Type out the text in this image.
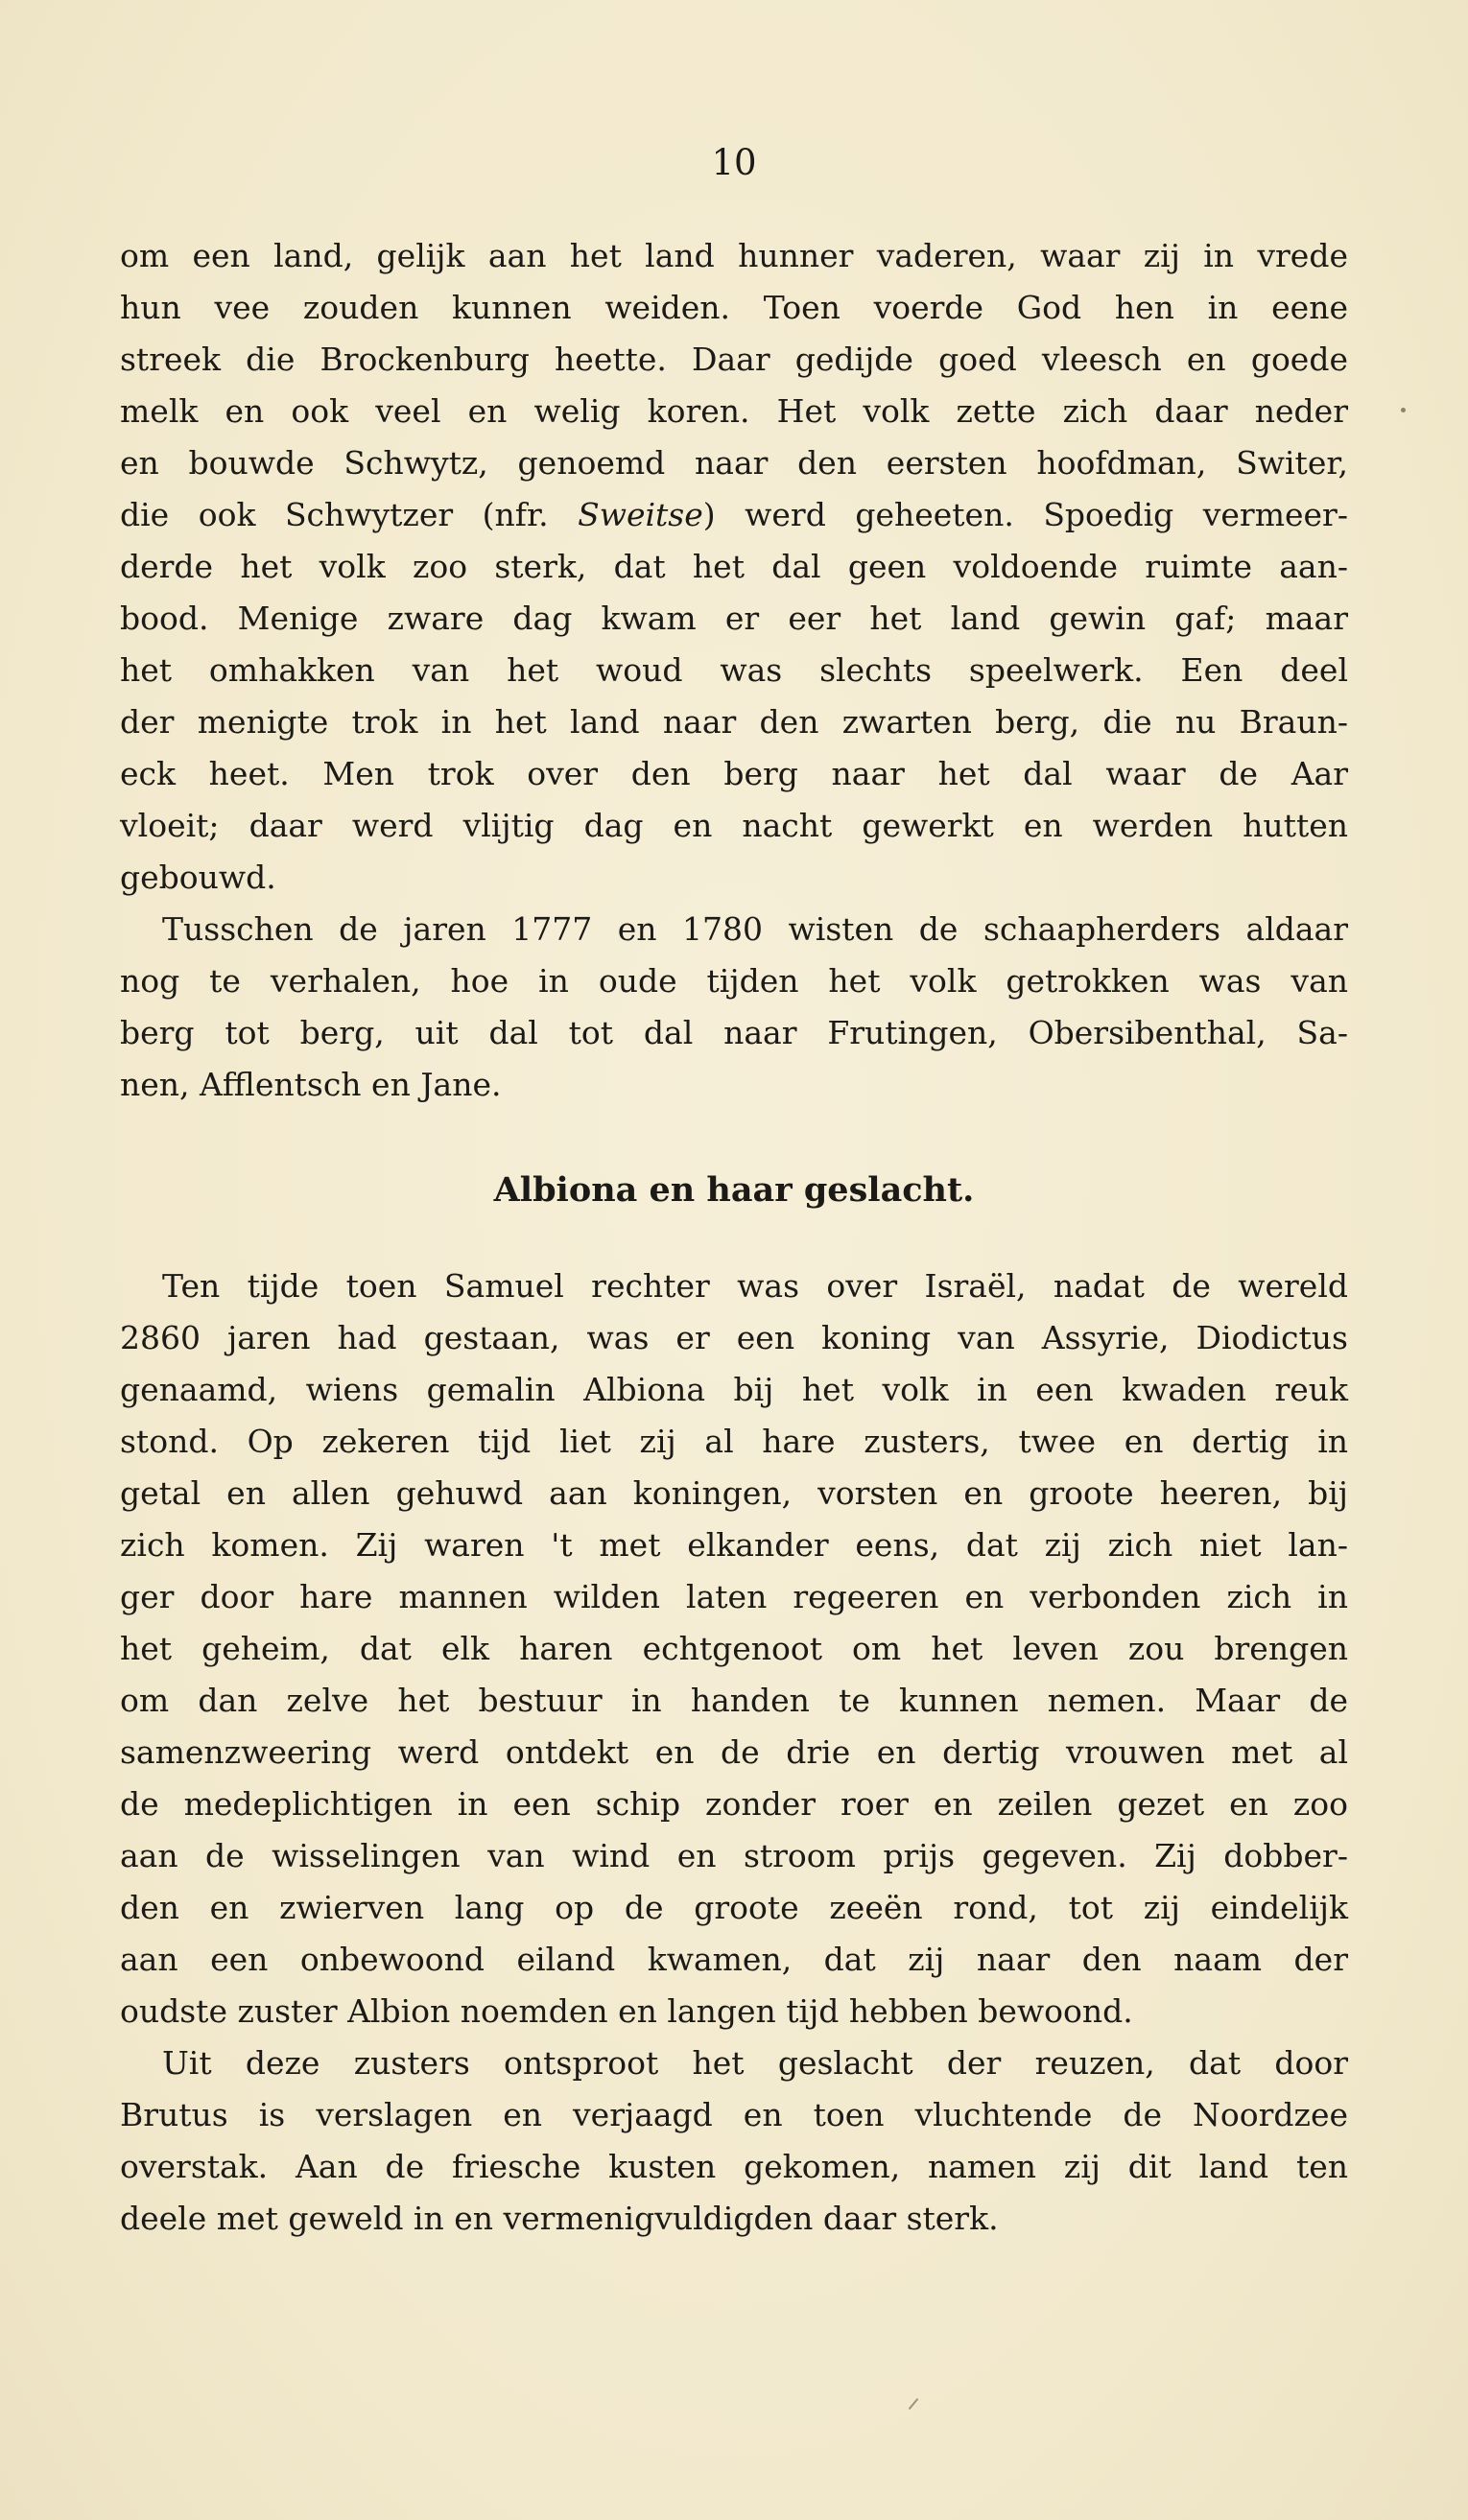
10
om een land, gelijk aan het land hunner vaderen, waar zij in vrede
hun vee zouden kunnen weiden. Toen voerde God hen in eene
streek die Brockenburg heette. Daar gedijde goed vleesch en goede
melk en ook veel en welig koren. Het volk zette zich daar neder
en bouwde Schwytz, genoemd naar den eersten hoofdman, Switer,
die ook Schwytzer (nfr. Sweitse) werd geheeten. Spoedig vermeer-
derde het volk zoo sterk, dat het dal geen voldoende ruimte aan-
bood. Menige zware dag kwam er eer het land gewin gaf; maar
het omhakken van het woud was slechts speelwerk. Een deel
der menigte trok in het land naar den zwarten berg, die nu Braun-
eck heet. Men trok over den berg naar het dal waar de Aar
vloeit; daar werd vlijtig dag en nacht gewerkt en werden hutten
gebouwd.
Tusschen de jaren 1777 en 1780 wisten de schaapherders aldaar
nog te verhalen, hoe in oude tijden het volk getrokken was van
berg tot berg, uit dal tot dal naar Frutingen, Obersibenthal, Sa-
nen, Afflentsch en Jane.
Albiona en haar geslacht.
Ten tijde toen Samuel rechter was over Israël, nadat de wereld
2860 jaren had gestaan, was er een koning van Assyrie, Diodictus
genaamd, wiens gemalin Albiona bij het volk in een kwaden reuk
stond. Op zekeren tijd liet zij al hare zusters, twee en dertig in
getal en allen gehuwd aan koningen, vorsten en groote heeren, bij
zich komen. Zij waren 't met elkander eens, dat zij zich niet lan-
ger door hare mannen wilden laten regeeren en verbonden zich in
het geheim, dat elk haren echtgenoot om het leven zou brengen
om dan zelve het bestuur in handen te kunnen nemen. Maar de
samenzweering werd ontdekt en de drie en dertig vrouwen met al
de medeplichtigen in een schip zonder roer en zeilen gezet en zoo
aan de wisselingen van wind en stroom prijs gegeven. Zij dobber-
den en zwierven lang op de groote zeeën rond, tot zij eindelijk
aan een onbewoond eiland kwamen, dat zij naar den naam der
oudste zuster Albion noemden en langen tijd hebben bewoond.
Uit deze zusters ontsproot het geslacht der reuzen, dat door
Brutus is verslagen en verjaagd en toen vluchtende de Noordzee
overstak. Aan de friesche kusten gekomen, namen zij dit land ten
deele met geweld in en vermenigvuldigden daar sterk.
